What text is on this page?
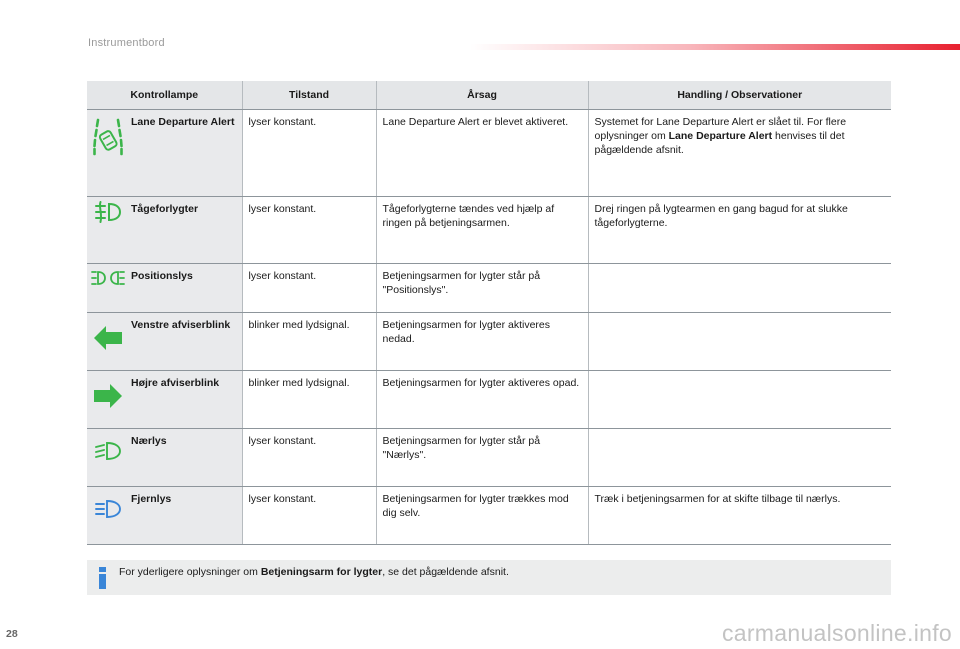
Instrumentbord
Kontrollampe		Tilstand	Årsag	Handling / Observationer

	Lane Departure Alert	lyser konstant.	Lane Departure Alert er blevet aktiveret.	Systemet for Lane Departure Alert er slået til. For flere oplysninger om Lane Departure Alert henvises til det pågældende afsnit.

	Tågeforlygter	lyser konstant.	Tågeforlygterne tændes ved hjælp af ringen på betjeningsarmen.	Drej ringen på lygtearmen en gang bagud for at slukke tågeforlygterne.

	Positionslys	lyser konstant.	Betjeningsarmen for lygter står på "Positionslys".	

	Venstre afviserblink	blinker med lydsignal.	Betjeningsarmen for lygter aktiveres nedad.	

	Højre afviserblink	blinker med lydsignal.	Betjeningsarmen for lygter aktiveres opad.	

	Nærlys	lyser konstant.	Betjeningsarmen for lygter står på "Nærlys".	

	Fjernlys	lyser konstant.	Betjeningsarmen for lygter trækkes mod dig selv.	Træk i betjeningsarmen for at skifte tilbage til nærlys.
For yderligere oplysninger om Betjeningsarm for lygter, se det pågældende afsnit.
28	carmanualsonline.info
